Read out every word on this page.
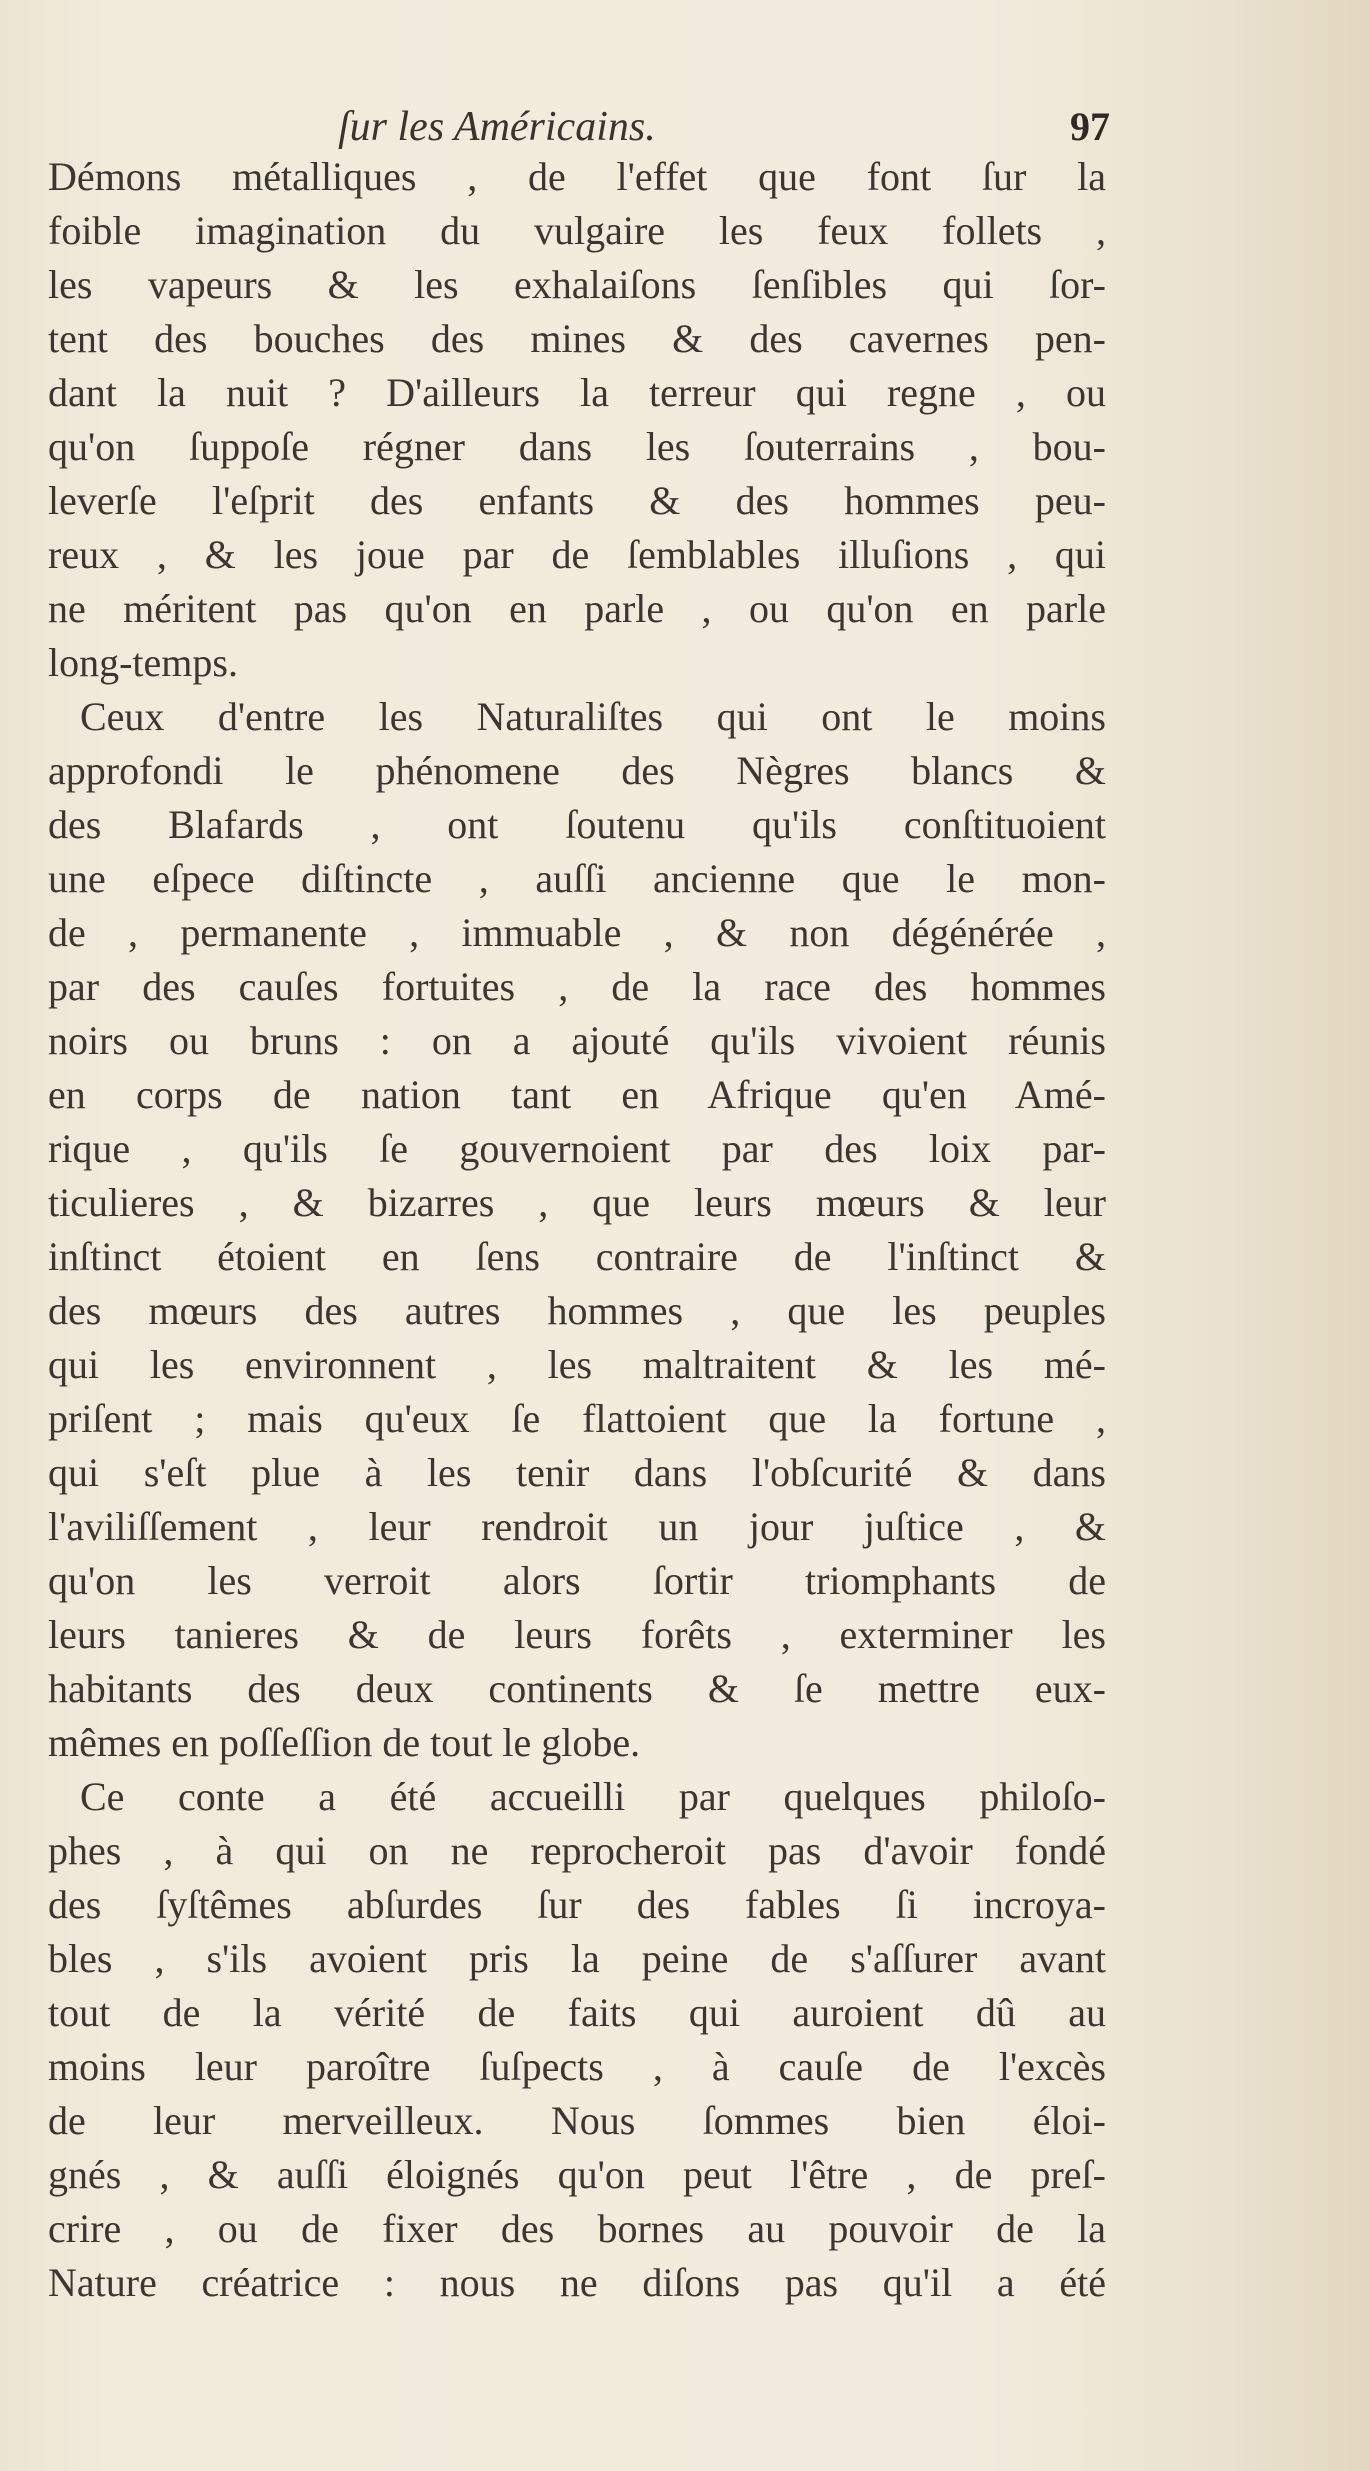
ſur les Américains.	97
Démons métalliques , de l'effet que font ſur la
foible imagination du vulgaire les feux follets ,
les vapeurs & les exhalaiſons ſenſibles qui ſor-
tent des bouches des mines & des cavernes pen-
dant la nuit ? D'ailleurs la terreur qui regne , ou
qu'on ſuppoſe régner dans les ſouterrains , bou-
leverſe l'eſprit des enfants & des hommes peu-
reux , & les joue par de ſemblables illuſions , qui
ne méritent pas qu'on en parle , ou qu'on en parle
long-temps.
Ceux d'entre les Naturaliſtes qui ont le moins
approfondi le phénomene des Nègres blancs &
des Blafards , ont ſoutenu qu'ils conſtituoient
une eſpece diſtincte , auſſi ancienne que le mon-
de , permanente , immuable , & non dégénérée ,
par des cauſes fortuites , de la race des hommes
noirs ou bruns : on a ajouté qu'ils vivoient réunis
en corps de nation tant en Afrique qu'en Amé-
rique , qu'ils ſe gouvernoient par des loix par-
ticulieres , & bizarres , que leurs mœurs & leur
inſtinct étoient en ſens contraire de l'inſtinct &
des mœurs des autres hommes , que les peuples
qui les environnent , les maltraitent & les mé-
priſent ; mais qu'eux ſe flattoient que la fortune ,
qui s'eſt plue à les tenir dans l'obſcurité & dans
l'aviliſſement , leur rendroit un jour juſtice , &
qu'on les verroit alors ſortir triomphants de
leurs tanieres & de leurs forêts , exterminer les
habitants des deux continents & ſe mettre eux-
mêmes en poſſeſſion de tout le globe.
Ce conte a été accueilli par quelques philoſo-
phes , à qui on ne reprocheroit pas d'avoir fondé
des ſyſtêmes abſurdes ſur des fables ſi incroya-
bles , s'ils avoient pris la peine de s'aſſurer avant
tout de la vérité de faits qui auroient dû au
moins leur paroître ſuſpects , à cauſe de l'excès
de leur merveilleux. Nous ſommes bien éloi-
gnés , & auſſi éloignés qu'on peut l'être , de preſ-
crire , ou de fixer des bornes au pouvoir de la
Nature créatrice : nous ne diſons pas qu'il a été
